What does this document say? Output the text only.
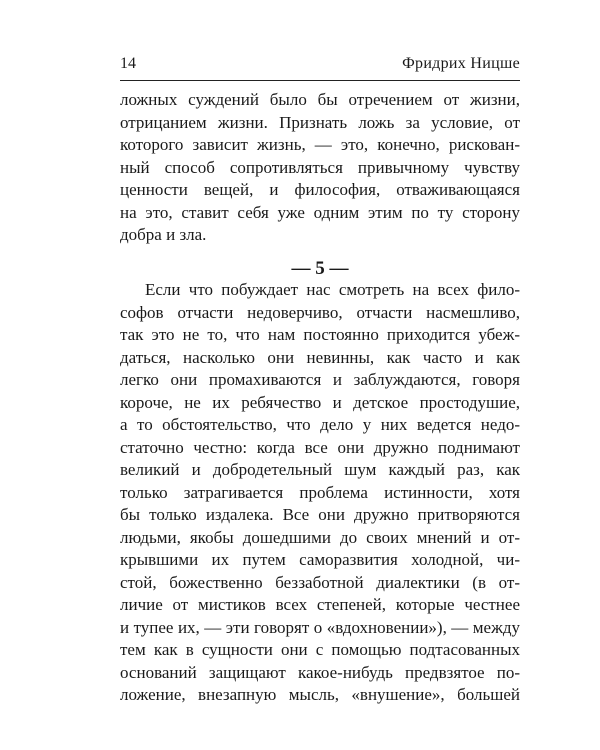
14	Фридрих Ницше
ложных суждений было бы отречением от жизни,
отрицанием жизни. Признать ложь за условие, от
которого зависит жизнь, — это, конечно, рискован-
ный способ сопротивляться привычному чувству
ценности вещей, и философия, отваживающаяся
на это, ставит себя уже одним этим по ту сторону
добра и зла.
— 5 —
Если что побуждает нас смотреть на всех фило-
софов отчасти недоверчиво, отчасти насмешливо,
так это не то, что нам постоянно приходится убеж-
даться, насколько они невинны, как часто и как
легко они промахиваются и заблуждаются, говоря
короче, не их ребячество и детское простодушие,
а то обстоятельство, что дело у них ведется недо-
статочно честно: когда все они дружно поднимают
великий и добродетельный шум каждый раз, как
только затрагивается проблема истинности, хотя
бы только издалека. Все они дружно притворяются
людьми, якобы дошедшими до своих мнений и от-
крывшими их путем саморазвития холодной, чи-
стой, божественно беззаботной диалектики (в от-
личие от мистиков всех степеней, которые честнее
и тупее их, — эти говорят о «вдохновении»), — между
тем как в сущности они с помощью подтасованных
оснований защищают какое-нибудь предвзятое по-
ложение, внезапную мысль, «внушение», большей
